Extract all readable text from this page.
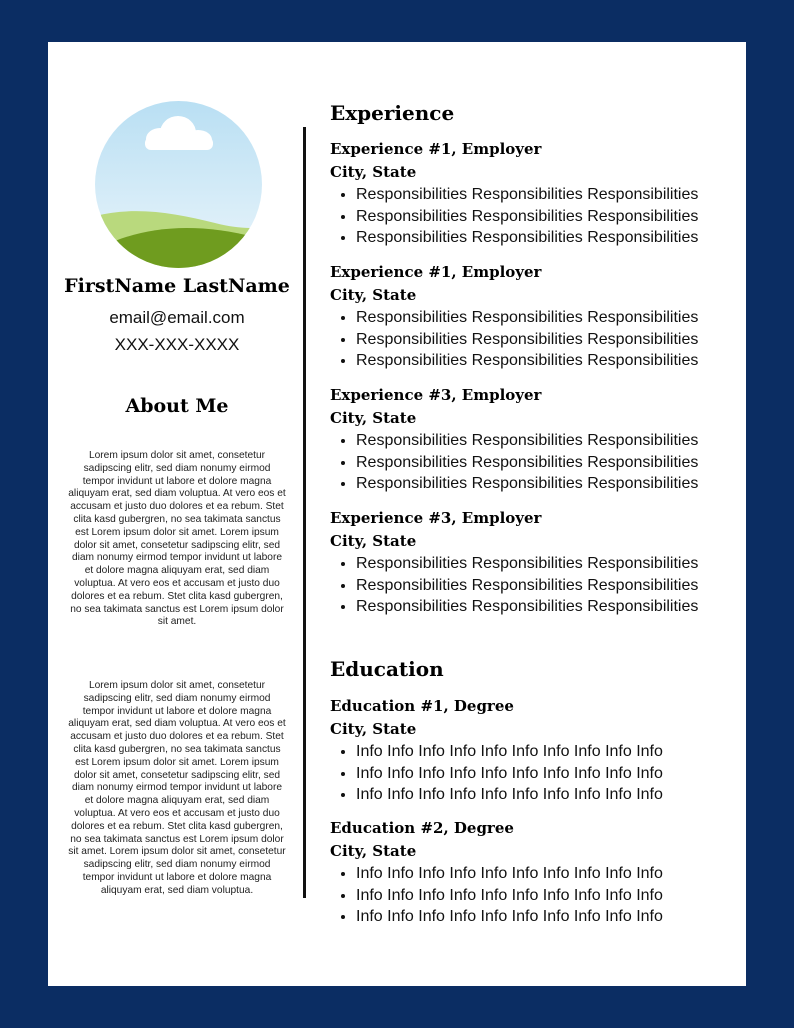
FirstName LastName
email@email.com
XXX-XXX-XXXX
About Me
Lorem ipsum dolor sit amet, consetetur sadipscing elitr, sed diam nonumy eirmod tempor invidunt ut labore et dolore magna aliquyam erat, sed diam voluptua. At vero eos et accusam et justo duo dolores et ea rebum. Stet clita kasd gubergren, no sea takimata sanctus est Lorem ipsum dolor sit amet. Lorem ipsum dolor sit amet, consetetur sadipscing elitr, sed diam nonumy eirmod tempor invidunt ut labore et dolore magna aliquyam erat, sed diam voluptua. At vero eos et accusam et justo duo dolores et ea rebum. Stet clita kasd gubergren, no sea takimata sanctus est Lorem ipsum dolor sit amet.
Lorem ipsum dolor sit amet, consetetur sadipscing elitr, sed diam nonumy eirmod tempor invidunt ut labore et dolore magna aliquyam erat, sed diam voluptua. At vero eos et accusam et justo duo dolores et ea rebum. Stet clita kasd gubergren, no sea takimata sanctus est Lorem ipsum dolor sit amet. Lorem ipsum dolor sit amet, consetetur sadipscing elitr, sed diam nonumy eirmod tempor invidunt ut labore et dolore magna aliquyam erat, sed diam voluptua. At vero eos et accusam et justo duo dolores et ea rebum. Stet clita kasd gubergren, no sea takimata sanctus est Lorem ipsum dolor sit amet. Lorem ipsum dolor sit amet, consetetur sadipscing elitr, sed diam nonumy eirmod tempor invidunt ut labore et dolore magna aliquyam erat, sed diam voluptua.
Experience
Experience #1, Employer
City, State
• Responsibilities Responsibilities Responsibilities
• Responsibilities Responsibilities Responsibilities
• Responsibilities Responsibilities Responsibilities
Experience #1, Employer
City, State
• Responsibilities Responsibilities Responsibilities
• Responsibilities Responsibilities Responsibilities
• Responsibilities Responsibilities Responsibilities
Experience #3, Employer
City, State
• Responsibilities Responsibilities Responsibilities
• Responsibilities Responsibilities Responsibilities
• Responsibilities Responsibilities Responsibilities
Experience #3, Employer
City, State
• Responsibilities Responsibilities Responsibilities
• Responsibilities Responsibilities Responsibilities
• Responsibilities Responsibilities Responsibilities
Education
Education #1, Degree
City, State
• Info Info Info Info Info Info Info Info Info Info
• Info Info Info Info Info Info Info Info Info Info
• Info Info Info Info Info Info Info Info Info Info
Education #2, Degree
City, State
• Info Info Info Info Info Info Info Info Info Info
• Info Info Info Info Info Info Info Info Info Info
• Info Info Info Info Info Info Info Info Info Info
